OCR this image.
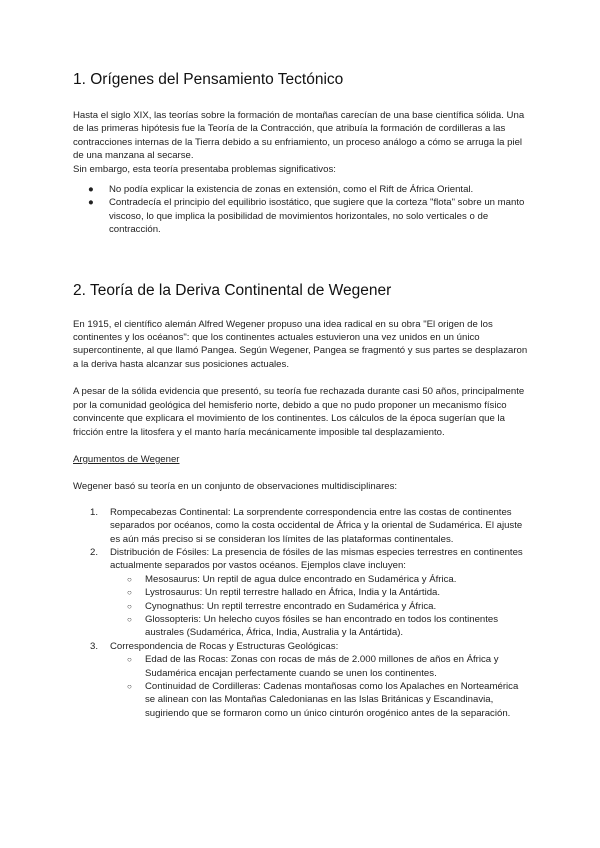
1. Orígenes del Pensamiento Tectónico

Hasta el siglo XIX, las teorías sobre la formación de montañas carecían de una base científica sólida. Una de las primeras hipótesis fue la Teoría de la Contracción, que atribuía la formación de cordilleras a las contracciones internas de la Tierra debido a su enfriamiento, un proceso análogo a cómo se arruga la piel de una manzana al secarse.

Sin embargo, esta teoría presentaba problemas significativos:

● No podía explicar la existencia de zonas en extensión, como el Rift de África Oriental.
● Contradecía el principio del equilibrio isostático, que sugiere que la corteza "flota" sobre un manto viscoso, lo que implica la posibilidad de movimientos horizontales, no solo verticales o de contracción.
2. Teoría de la Deriva Continental de Wegener

En 1915, el científico alemán Alfred Wegener propuso una idea radical en su obra "El origen de los continentes y los océanos": que los continentes actuales estuvieron una vez unidos en un único supercontinente, al que llamó Pangea. Según Wegener, Pangea se fragmentó y sus partes se desplazaron a la deriva hasta alcanzar sus posiciones actuales.

A pesar de la sólida evidencia que presentó, su teoría fue rechazada durante casi 50 años, principalmente por la comunidad geológica del hemisferio norte, debido a que no pudo proponer un mecanismo físico convincente que explicara el movimiento de los continentes. Los cálculos de la época sugerían que la fricción entre la litosfera y el manto haría mecánicamente imposible tal desplazamiento.

Argumentos de Wegener

Wegener basó su teoría en un conjunto de observaciones multidisciplinares:

1. Rompecabezas Continental: La sorprendente correspondencia entre las costas de continentes separados por océanos, como la costa occidental de África y la oriental de Sudamérica. El ajuste es aún más preciso si se consideran los límites de las plataformas continentales.
2. Distribución de Fósiles: La presencia de fósiles de las mismas especies terrestres en continentes actualmente separados por vastos océanos. Ejemplos clave incluyen:
○ Mesosaurus: Un reptil de agua dulce encontrado en Sudamérica y África.
○ Lystrosaurus: Un reptil terrestre hallado en África, India y la Antártida.
○ Cynognathus: Un reptil terrestre encontrado en Sudamérica y África.
○ Glossopteris: Un helecho cuyos fósiles se han encontrado en todos los continentes australes (Sudamérica, África, India, Australia y la Antártida).
3. Correspondencia de Rocas y Estructuras Geológicas:
○ Edad de las Rocas: Zonas con rocas de más de 2.000 millones de años en África y Sudamérica encajan perfectamente cuando se unen los continentes.
○ Continuidad de Cordilleras: Cadenas montañosas como los Apalaches en Norteamérica se alinean con las Montañas Caledonianas en las Islas Británicas y Escandinavia, sugiriendo que se formaron como un único cinturón orogénico antes de la separación.
